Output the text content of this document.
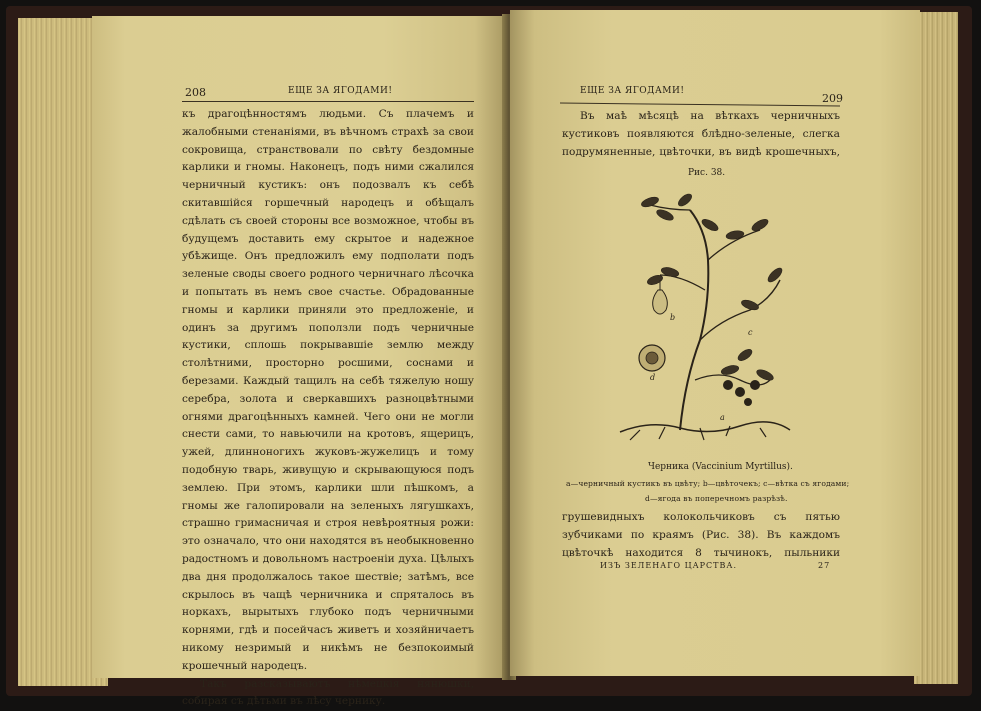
208	ЕЩЕ ЗА ЯГОДАМИ!

къ драгоцѣнностямъ людьми. Съ плачемъ и жалобными стенаніями, въ вѣчномъ страхѣ за свои сокровища, странствовали по свѣту бездомные карлики и гномы. Наконецъ, подъ ними сжалился черничный кустикъ: онъ подозвалъ къ себѣ скитавшійся горшечный народецъ и обѣщалъ сдѣлать съ своей стороны все возможное, чтобы въ будущемъ доставить ему скрытое и надежное убѣжище. Онъ предложилъ ему подполати подъ зеленые своды своего родного черничнаго лѣсочка и попытать въ немъ свое счастье. Обрадованные гномы и карлики приняли это предложеніе, и одинъ за другимъ поползли подъ черничные кустики, сплошь покрывавшіе землю между столѣтними, просторно росшими, соснами и березами. Каждый тащилъ на себѣ тяжелую ношу серебра, золота и сверкавшихъ разноцвѣтными огнями драгоцѣнныхъ камней. Чего они не могли снести сами, то навьючили на кротовъ, ящерицъ, ужей, длинноногихъ жуковъ-жужелицъ и тому подобную тварь, живущую и скрывающуюся подъ землею. При этомъ, карлики шли пѣшкомъ, а гномы же галопировали на зеленыхъ лягушкахъ, страшно гримасничая и строя невѣроятныя рожи: это означало, что они находятся въ необыкновенно радостномъ и довольномъ настроеніи духа. Цѣлыхъ два дня продолжалось такое шествіе; затѣмъ, все скрылось въ чащѣ черничника и спряталось въ норкахъ, вырытыхъ глубоко подъ черничными корнями, гдѣ и посейчасъ живетъ и хозяйничаетъ никому незримый и никѣмъ не безпокоимый крошечный народецъ.

Такъ разсказываютъ нѣмецкія нянюшки, собирая съ дѣтьми въ лѣсу чернику.

ЕЩЕ ЗА ЯГОДАМИ!
209

Въ маѣ мѣсяцѣ на вѣткахъ черничныхъ кустиковъ появляются блѣдно-зеленые, слегка подрумяненные, цвѣточки, въ видѣ крошечныхъ,

Рис. 38.
c
d
b
a
Черника (Vaccinium Myrtillus).
а—черничный кустикъ въ цвѣту; b—цвѣточекъ; с—вѣтка съ ягодами;
d—ягода въ поперечномъ разрѣзѣ.

грушевидныхъ колокольчиковъ съ пятью зубчиками по краямъ (Рис. 38). Въ каждомъ цвѣточкѣ находится 8 тычинокъ, пыльники

ИЗЪ ЗЕЛЕНАГО ЦАРСТВА.	27
